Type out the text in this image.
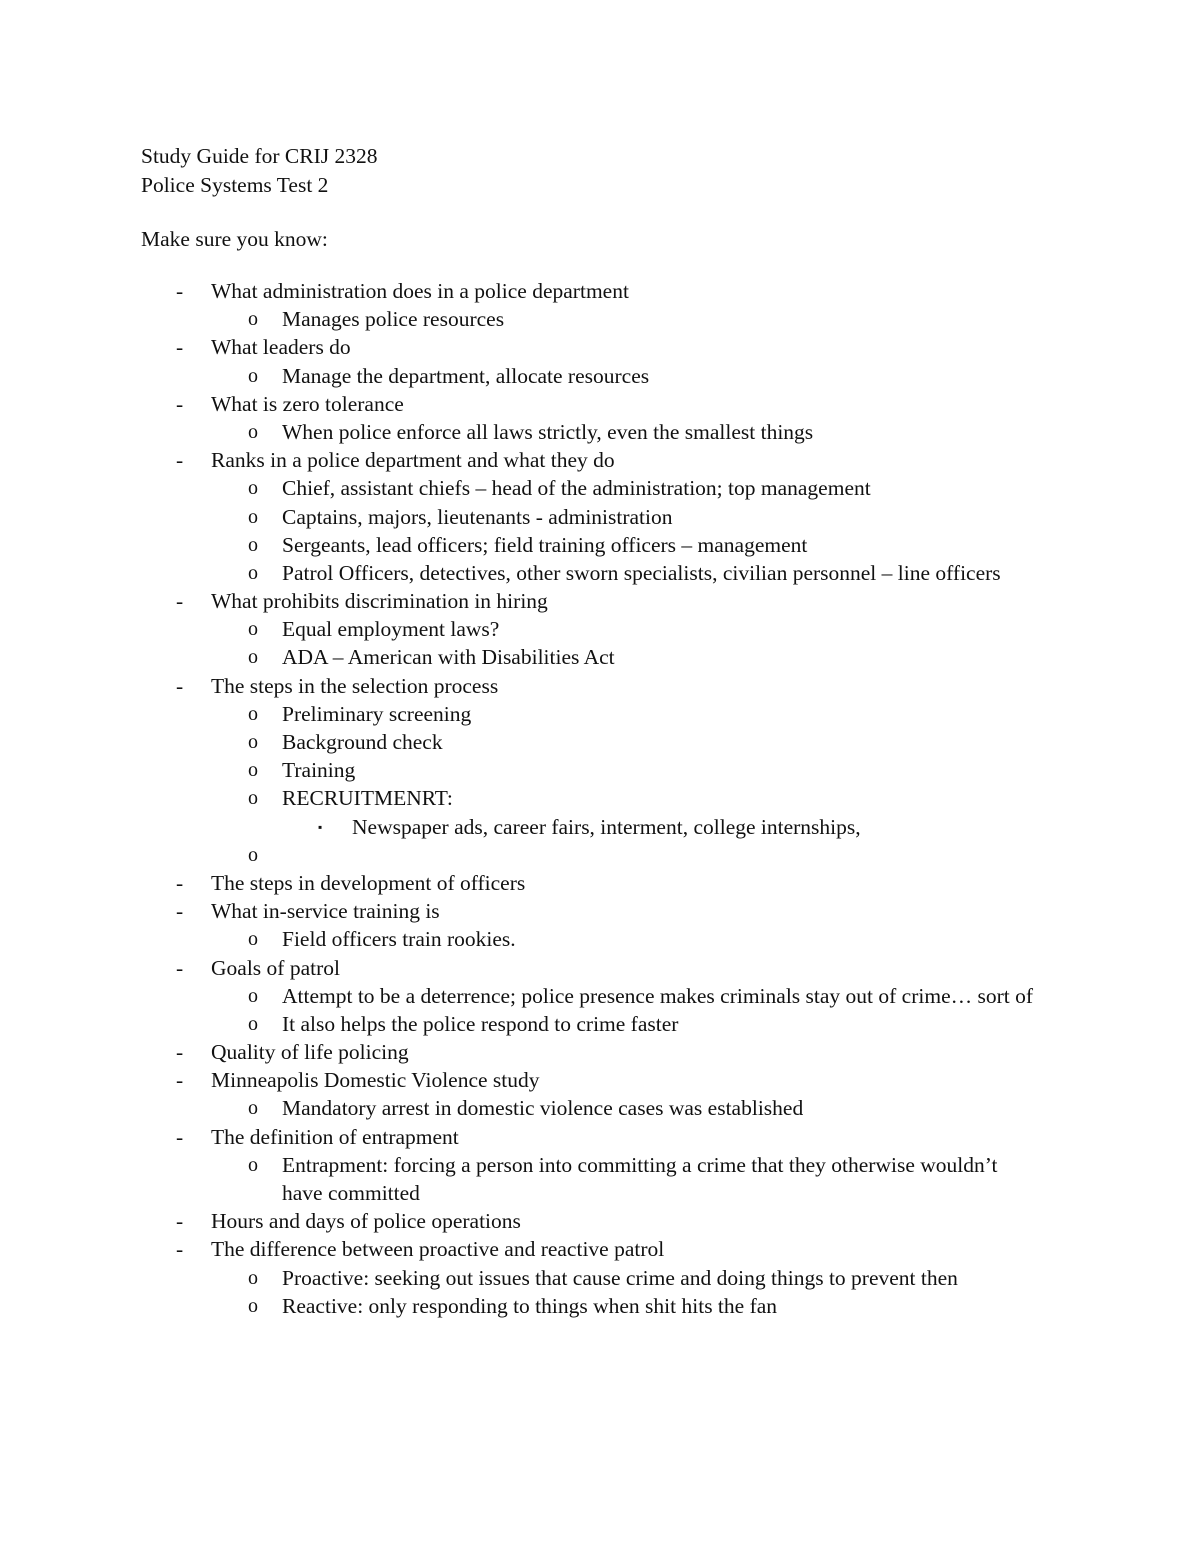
Study Guide for CRIJ 2328
Police Systems Test 2
Make sure you know:
- What administration does in a police department
o Manages police resources
- What leaders do
o Manage the department, allocate resources
- What is zero tolerance
o When police enforce all laws strictly, even the smallest things
- Ranks in a police department and what they do
o Chief, assistant chiefs – head of the administration; top management
o Captains, majors, lieutenants - administration
o Sergeants, lead officers; field training officers – management
o Patrol Officers, detectives, other sworn specialists, civilian personnel – line officers
- What prohibits discrimination in hiring
o Equal employment laws?
o ADA – American with Disabilities Act
- The steps in the selection process
o Preliminary screening
o Background check
o Training
o RECRUITMENRT:
▪ Newspaper ads, career fairs, interment, college internships,
o
- The steps in development of officers
- What in-service training is
o Field officers train rookies.
- Goals of patrol
o Attempt to be a deterrence; police presence makes criminals stay out of crime… sort of
o It also helps the police respond to crime faster
- Quality of life policing
- Minneapolis Domestic Violence study
o Mandatory arrest in domestic violence cases was established
- The definition of entrapment
o Entrapment: forcing a person into committing a crime that they otherwise wouldn’t have committed
- Hours and days of police operations
- The difference between proactive and reactive patrol
o Proactive: seeking out issues that cause crime and doing things to prevent then
o Reactive: only responding to things when shit hits the fan
